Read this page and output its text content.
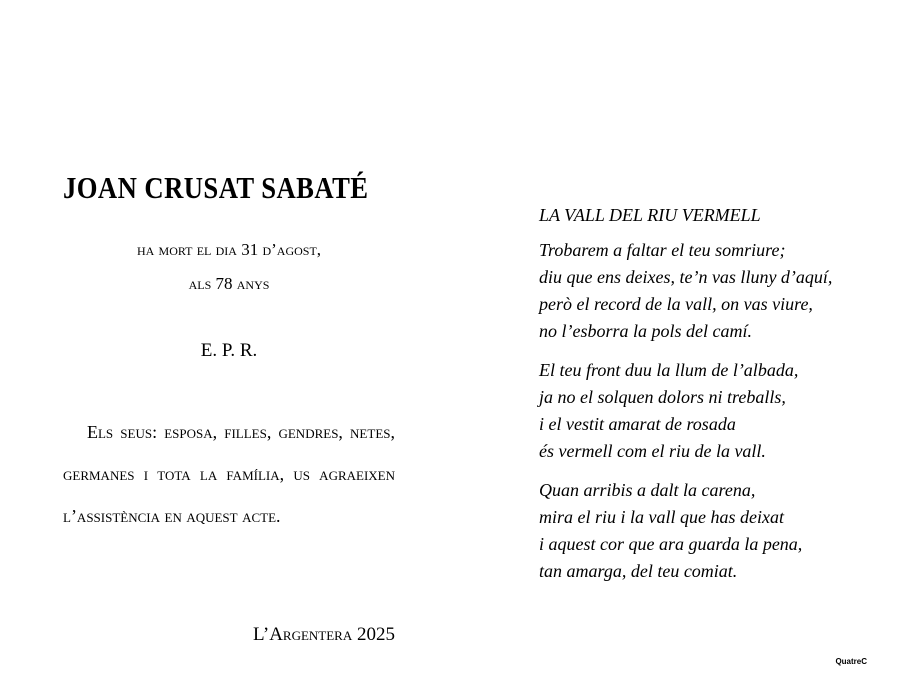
JOAN CRUSAT SABATÉ
ha mort el dia 31 d’agost,
als 78 anys
E. P. R.
Els seus: esposa, filles, gendres, netes, germanes i tota la família, us agraeixen l’assistència en aquest acte.
L’Argentera 2025
LA VALL DEL RIU VERMELL
Trobarem a faltar el teu somriure;
diu que ens deixes, te’n vas lluny d’aquí,
però el record de la vall, on vas viure,
no l’esborra la pols del camí.
El teu front duu la llum de l’albada,
ja no el solquen dolors ni treballs,
i el vestit amarat de rosada
és vermell com el riu de la vall.
Quan arribis a dalt la carena,
mira el riu i la vall que has deixat
i aquest cor que ara guarda la pena,
tan amarga, del teu comiat.
QuatreC
